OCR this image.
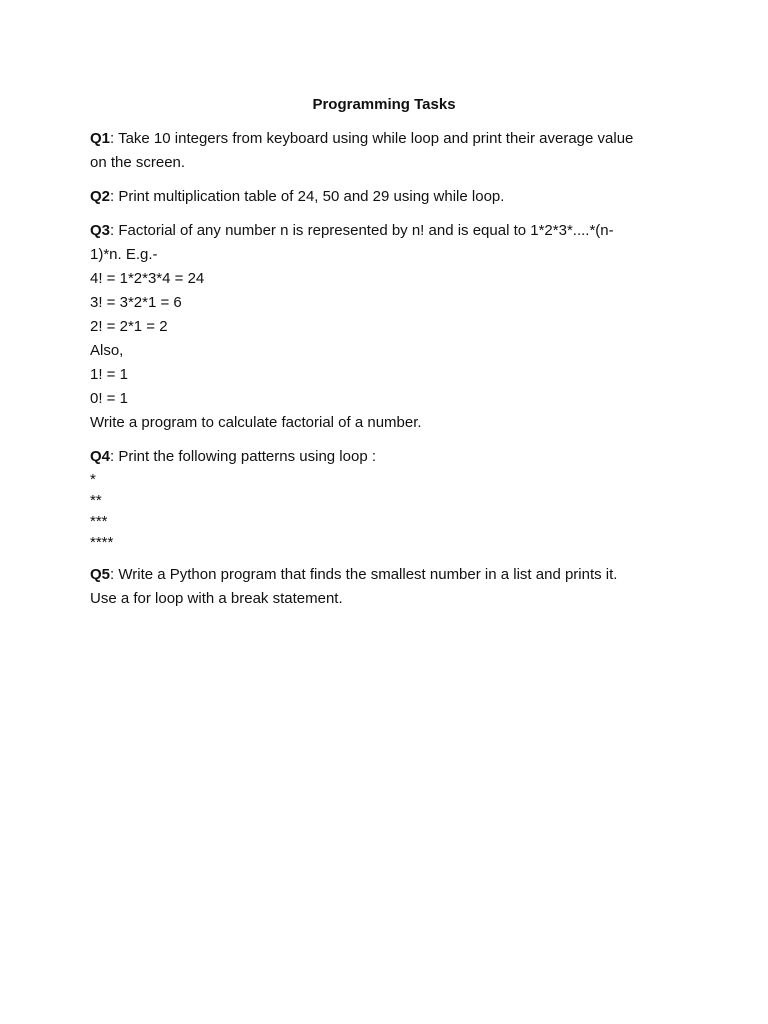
Programming Tasks
Q1: Take 10 integers from keyboard using while loop and print their average value
on the screen.
Q2: Print multiplication table of 24, 50 and 29 using while loop.
Q3: Factorial of any number n is represented by n! and is equal to 1*2*3*....*(n-
1)*n. E.g.-
4! = 1*2*3*4 = 24
3! = 3*2*1 = 6
2! = 2*1 = 2
Also,
1! = 1
0! = 1
Write a program to calculate factorial of a number.
Q4: Print the following patterns using loop :
*
**
***
****
Q5: Write a Python program that finds the smallest number in a list and prints it.
Use a for loop with a break statement.
